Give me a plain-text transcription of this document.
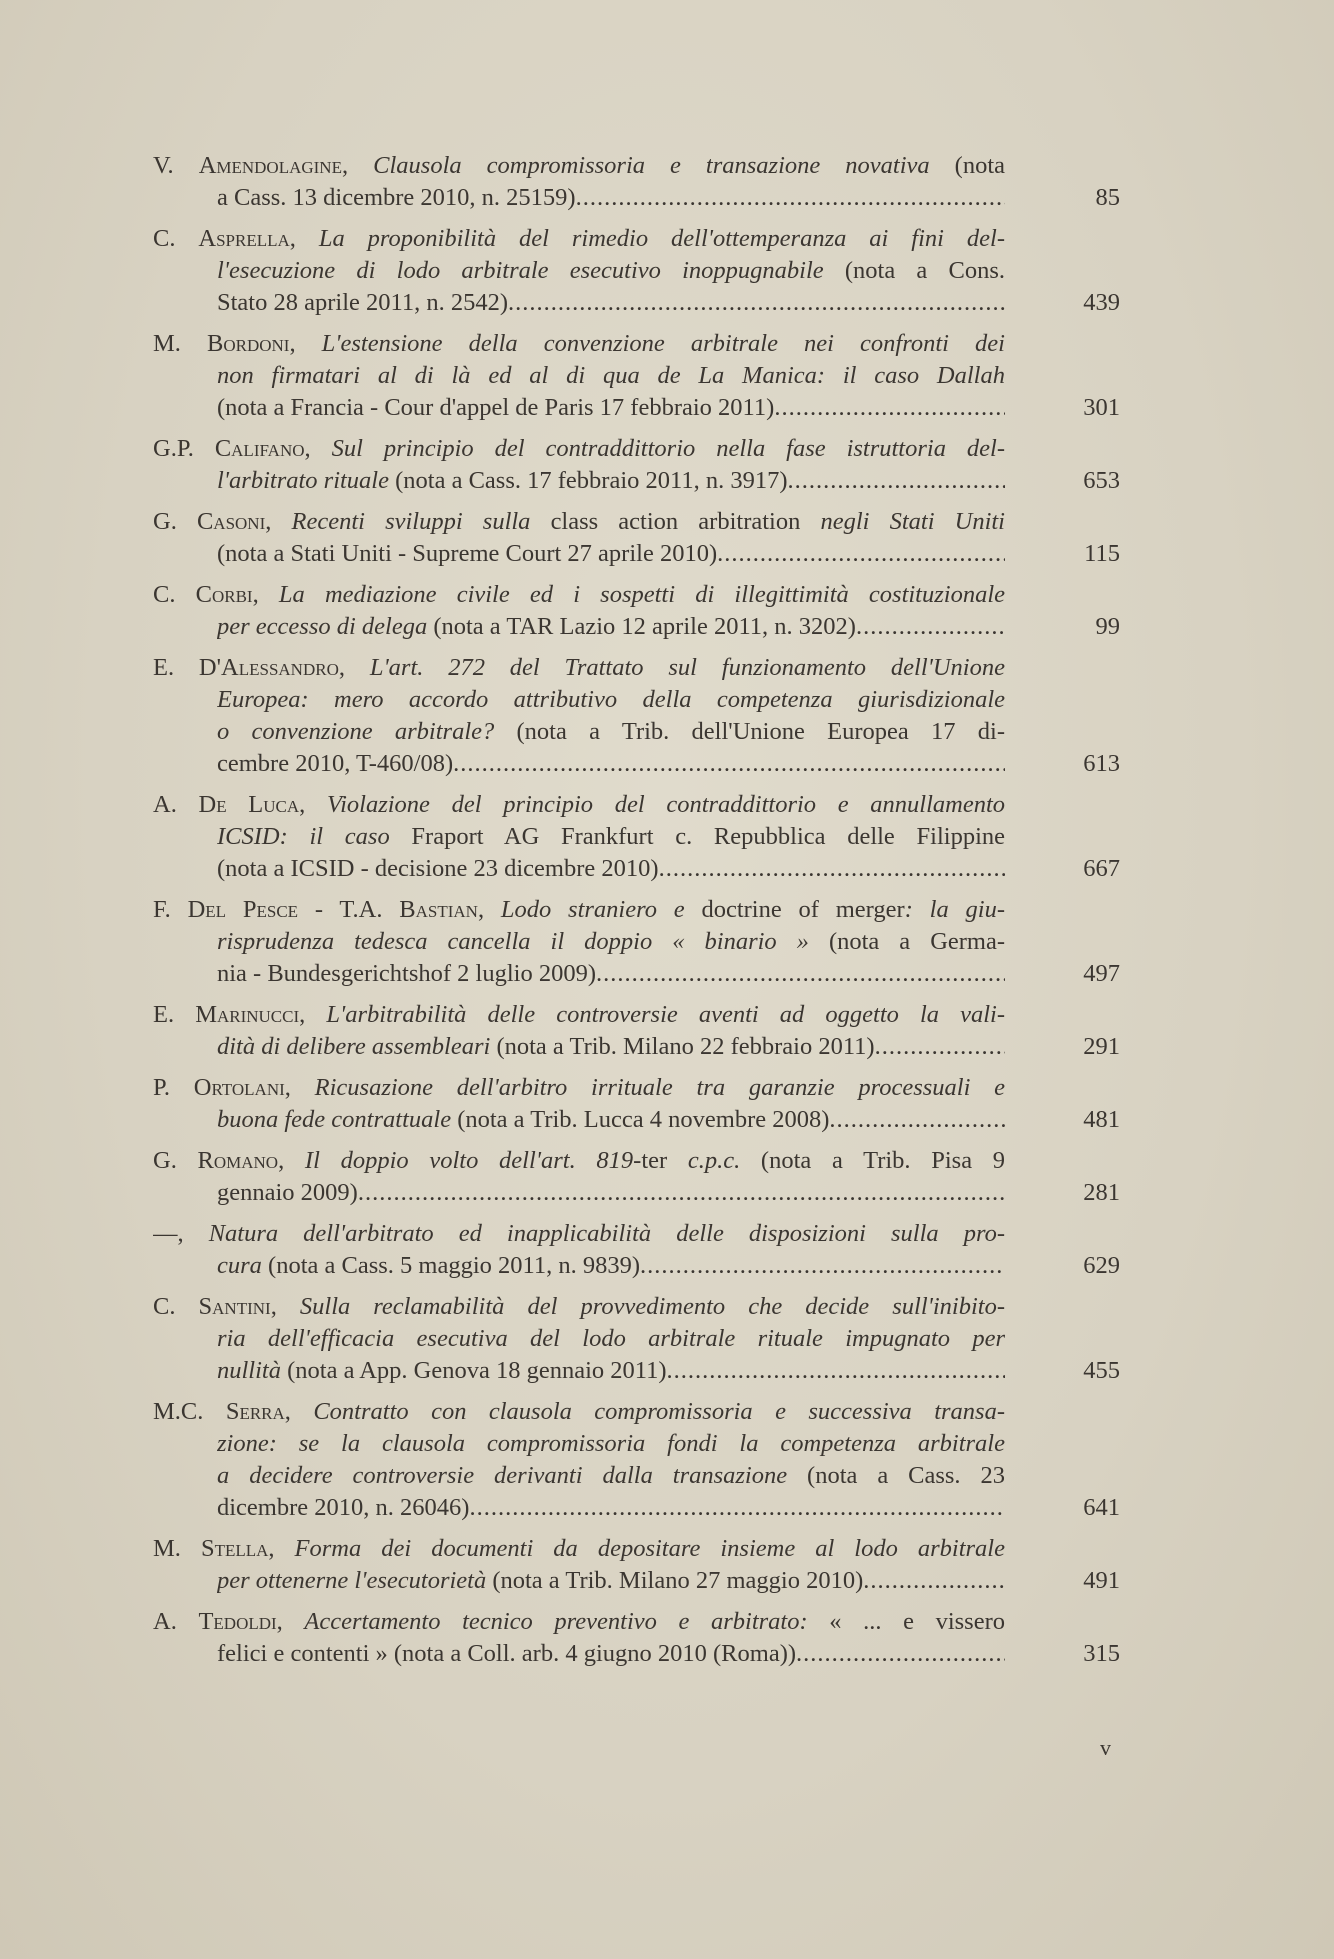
V. Amendolagine, Clausola compromissoria e transazione novativa (nota
a Cass. 13 dicembre 2010, n. 25159)	85
C. Asprella, La proponibilità del rimedio dell'ottemperanza ai fini del-
l'esecuzione di lodo arbitrale esecutivo inoppugnabile (nota a Cons.
Stato 28 aprile 2011, n. 2542)	439
M. Bordoni, L'estensione della convenzione arbitrale nei confronti dei
non firmatari al di là ed al di qua de La Manica: il caso Dallah
(nota a Francia - Cour d'appel de Paris 17 febbraio 2011)	301
G.P. Califano, Sul principio del contraddittorio nella fase istruttoria del-
l'arbitrato rituale (nota a Cass. 17 febbraio 2011, n. 3917)	653
G. Casoni, Recenti sviluppi sulla class action arbitration negli Stati Uniti
(nota a Stati Uniti - Supreme Court 27 aprile 2010)	115
C. Corbi, La mediazione civile ed i sospetti di illegittimità costituzionale
per eccesso di delega (nota a TAR Lazio 12 aprile 2011, n. 3202)	99
E. D'Alessandro, L'art. 272 del Trattato sul funzionamento dell'Unione
Europea: mero accordo attributivo della competenza giurisdizionale
o convenzione arbitrale? (nota a Trib. dell'Unione Europea 17 di-
cembre 2010, T-460/08)	613
A. De Luca, Violazione del principio del contraddittorio e annullamento
ICSID: il caso Fraport AG Frankfurt c. Repubblica delle Filippine
(nota a ICSID - decisione 23 dicembre 2010)	667
F. Del Pesce - T.A. Bastian, Lodo straniero e doctrine of merger: la giu-
risprudenza tedesca cancella il doppio « binario » (nota a Germa-
nia - Bundesgerichtshof 2 luglio 2009)	497
E. Marinucci, L'arbitrabilità delle controversie aventi ad oggetto la vali-
dità di delibere assembleari (nota a Trib. Milano 22 febbraio 2011)	291
P. Ortolani, Ricusazione dell'arbitro irrituale tra garanzie processuali e
buona fede contrattuale (nota a Trib. Lucca 4 novembre 2008)	481
G. Romano, Il doppio volto dell'art. 819-ter c.p.c. (nota a Trib. Pisa 9
gennaio 2009)	281
—, Natura dell'arbitrato ed inapplicabilità delle disposizioni sulla pro-
cura (nota a Cass. 5 maggio 2011, n. 9839)	629
C. Santini, Sulla reclamabilità del provvedimento che decide sull'inibito-
ria dell'efficacia esecutiva del lodo arbitrale rituale impugnato per
nullità (nota a App. Genova 18 gennaio 2011)	455
M.C. Serra, Contratto con clausola compromissoria e successiva transa-
zione: se la clausola compromissoria fondi la competenza arbitrale
a decidere controversie derivanti dalla transazione (nota a Cass. 23
dicembre 2010, n. 26046)	641
M. Stella, Forma dei documenti da depositare insieme al lodo arbitrale
per ottenerne l'esecutorietà (nota a Trib. Milano 27 maggio 2010)	491
A. Tedoldi, Accertamento tecnico preventivo e arbitrato: « ... e vissero
felici e contenti » (nota a Coll. arb. 4 giugno 2010 (Roma))	315
v
